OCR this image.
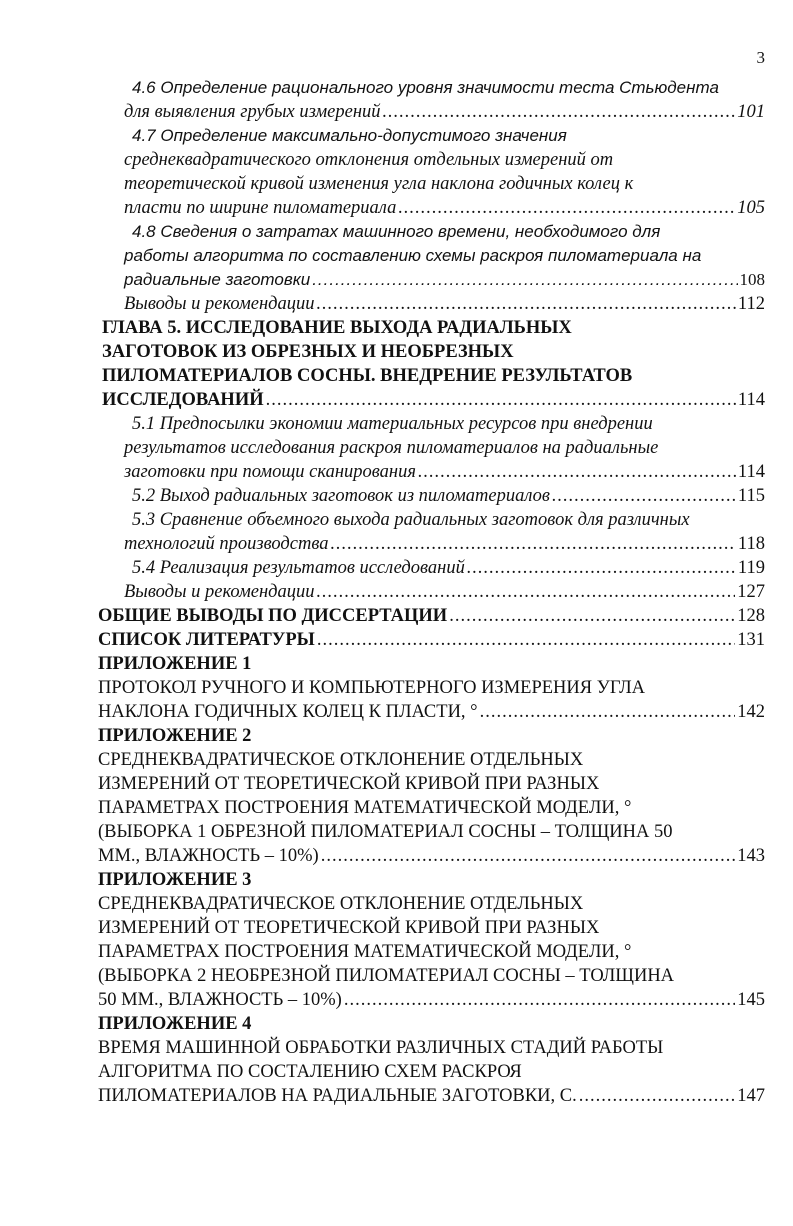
3
4.6 Определение рационального уровня значимости теста Стьюдента
для выявления грубых измерений .....	101
4.7 Определение максимально-допустимого значения
среднеквадратического отклонения отдельных измерений от
теоретической кривой изменения угла наклона годичных колец к
пласти по ширине пиломатериала .....	105
4.8 Сведения о затратах машинного времени, необходимого для
работы алгоритма по составлению схемы раскроя пиломатериала на
радиальные заготовки .....	108
Выводы и рекомендации .....	112
ГЛАВА 5. ИССЛЕДОВАНИЕ ВЫХОДА РАДИАЛЬНЫХ
ЗАГОТОВОК ИЗ ОБРЕЗНЫХ И НЕОБРЕЗНЫХ
ПИЛОМАТЕРИАЛОВ СОСНЫ. ВНЕДРЕНИЕ РЕЗУЛЬТАТОВ
ИССЛЕДОВАНИЙ .....	114
5.1 Предпосылки экономии материальных ресурсов при внедрении
результатов исследования раскроя пиломатериалов на радиальные
заготовки при помощи сканирования .....	114
5.2 Выход радиальных заготовок из пиломатериалов .....	115
5.3 Сравнение объемного выхода радиальных заготовок для различных
технологий производства .....	118
5.4 Реализация результатов исследований .....	119
Выводы и рекомендации .....	127
ОБЩИЕ ВЫВОДЫ ПО ДИССЕРТАЦИИ .....	128
СПИСОК ЛИТЕРАТУРЫ .....	131
ПРИЛОЖЕНИЕ 1
ПРОТОКОЛ РУЧНОГО И КОМПЬЮТЕРНОГО ИЗМЕРЕНИЯ УГЛА
НАКЛОНА ГОДИЧНЫХ КОЛЕЦ К ПЛАСТИ, ° .....	142
ПРИЛОЖЕНИЕ 2
СРЕДНЕКВАДРАТИЧЕСКОЕ ОТКЛОНЕНИЕ ОТДЕЛЬНЫХ
ИЗМЕРЕНИЙ ОТ ТЕОРЕТИЧЕСКОЙ КРИВОЙ ПРИ РАЗНЫХ
ПАРАМЕТРАХ ПОСТРОЕНИЯ МАТЕМАТИЧЕСКОЙ МОДЕЛИ, °
(ВЫБОРКА 1 ОБРЕЗНОЙ ПИЛОМАТЕРИАЛ СОСНЫ – ТОЛЩИНА 50
ММ., ВЛАЖНОСТЬ – 10%) .....	143
ПРИЛОЖЕНИЕ 3
СРЕДНЕКВАДРАТИЧЕСКОЕ ОТКЛОНЕНИЕ ОТДЕЛЬНЫХ
ИЗМЕРЕНИЙ ОТ ТЕОРЕТИЧЕСКОЙ КРИВОЙ ПРИ РАЗНЫХ
ПАРАМЕТРАХ ПОСТРОЕНИЯ МАТЕМАТИЧЕСКОЙ МОДЕЛИ, °
(ВЫБОРКА 2 НЕОБРЕЗНОЙ ПИЛОМАТЕРИАЛ СОСНЫ – ТОЛЩИНА
50 ММ., ВЛАЖНОСТЬ – 10%) .....	145
ПРИЛОЖЕНИЕ 4
ВРЕМЯ МАШИННОЙ ОБРАБОТКИ РАЗЛИЧНЫХ СТАДИЙ РАБОТЫ
АЛГОРИТМА ПО СОСТАЛЕНИЮ СХЕМ РАСКРОЯ
ПИЛОМАТЕРИАЛОВ НА РАДИАЛЬНЫЕ ЗАГОТОВКИ, С. .....	147
